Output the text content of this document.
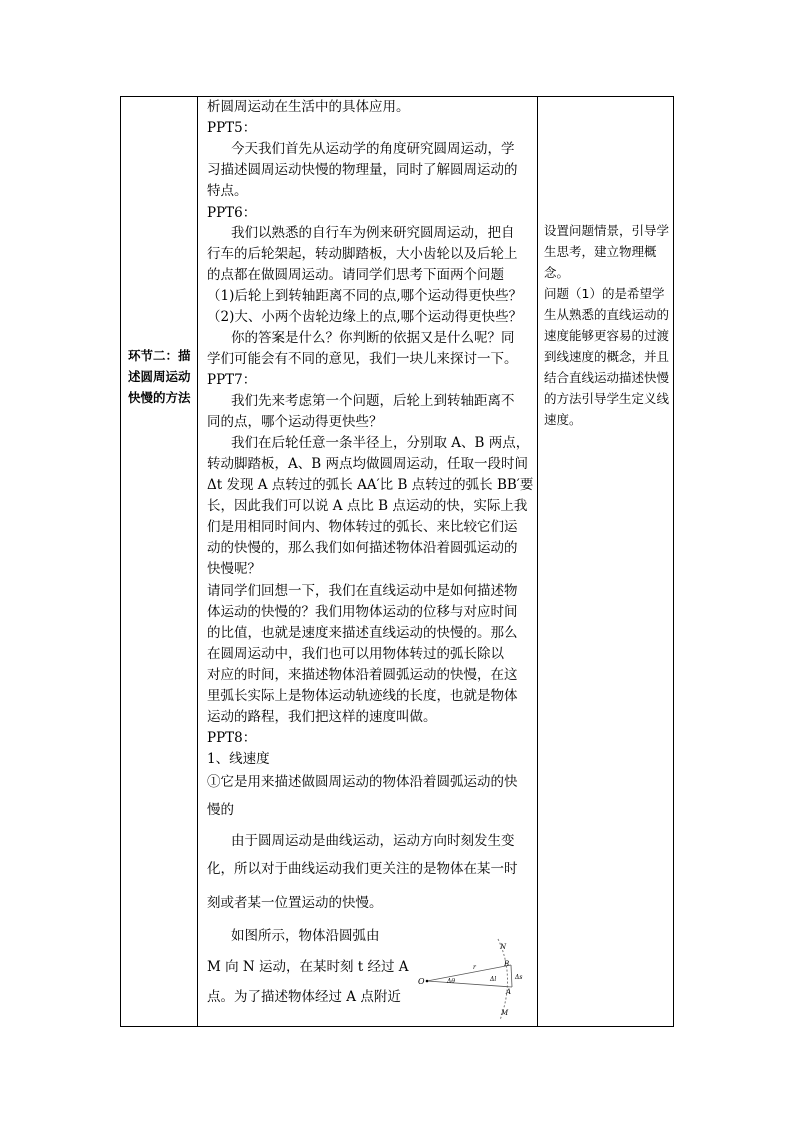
环节二：描述圆周运动快慢的方法
析圆周运动在生活中的具体应用。
PPT5：
今天我们首先从运动学的角度研究圆周运动，学
习描述圆周运动快慢的物理量，同时了解圆周运动的
特点。
PPT6：
我们以熟悉的自行车为例来研究圆周运动，把自
行车的后轮架起，转动脚踏板，大小齿轮以及后轮上
的点都在做圆周运动。请同学们思考下面两个问题
（1)后轮上到转轴距离不同的点,哪个运动得更快些？
（2)大、小两个齿轮边缘上的点,哪个运动得更快些？
你的答案是什么？你判断的依据又是什么呢？同
学们可能会有不同的意见，我们一块儿来探讨一下。
PPT7：
我们先来考虑第一个问题，后轮上到转轴距离不
同的点，哪个运动得更快些？
我们在后轮任意一条半径上，分别取 A、B 两点，
转动脚踏板，A、B 两点均做圆周运动，任取一段时间
Δt 发现 A 点转过的弧长 AA′比 B 点转过的弧长 BB′要
长，因此我们可以说 A 点比 B 点运动的快，实际上我
们是用相同时间内、物体转过的弧长、来比较它们运
动的快慢的，那么我们如何描述物体沿着圆弧运动的
快慢呢？
请同学们回想一下，我们在直线运动中是如何描述物
体运动的快慢的？我们用物体运动的位移与对应时间
的比值，也就是速度来描述直线运动的快慢的。那么
在圆周运动中，我们也可以用物体转过的弧长除以
对应的时间，来描述物体沿着圆弧运动的快慢，在这
里弧长实际上是物体运动轨迹线的长度，也就是物体
运动的路程，我们把这样的速度叫做。
PPT8：
1、线速度
①它是用来描述做圆周运动的物体沿着圆弧运动的快
慢的
由于圆周运动是曲线运动，运动方向时刻发生变
化，所以对于曲线运动我们更关注的是物体在某一时
刻或者某一位置运动的快慢。
如图所示，物体沿圆弧由
M 向 N 运动，在某时刻 t 经过 A
点。为了描述物体经过 A 点附近
O
N
M
A
B
r
Δθ	Δl	Δs

设置问题情景，引导学生思考，建立物理概念。

问题（1）的是希望学生从熟悉的直线运动的速度能够更容易的过渡到线速度的概念，并且结合直线运动描述快慢的方法引导学生定义线速度。
